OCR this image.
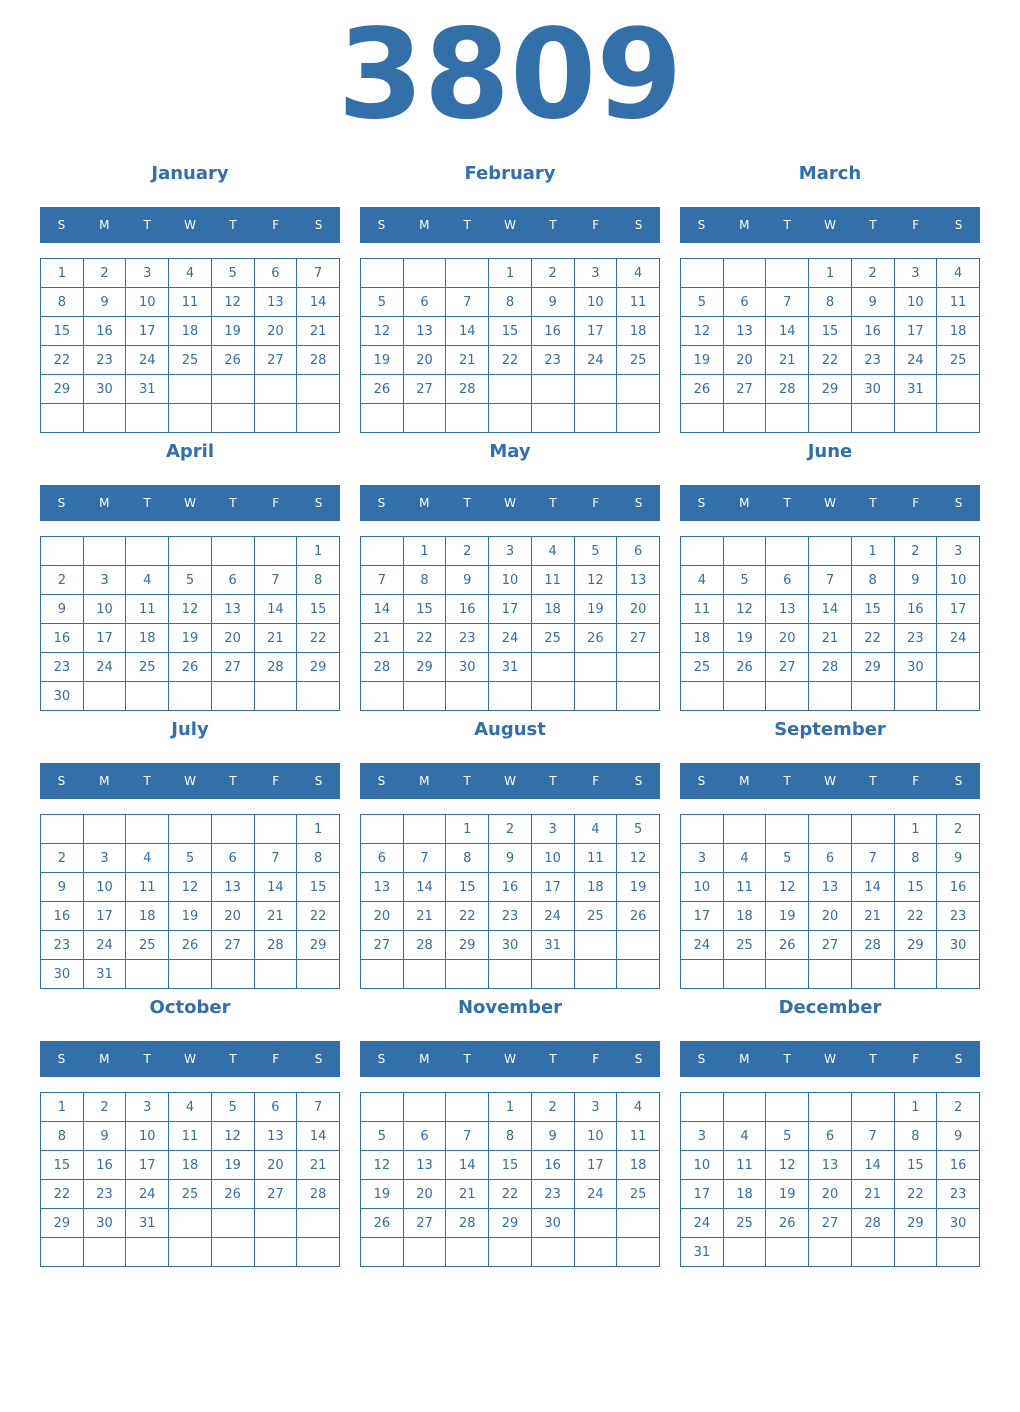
3809
January
S	M	T	W	T	F	S
1	2	3	4	5	6	7
8	9	10	11	12	13	14
15	16	17	18	19	20	21
22	23	24	25	26	27	28
29	30	31				

February
S	M	T	W	T	F	S
			1	2	3	4
5	6	7	8	9	10	11
12	13	14	15	16	17	18
19	20	21	22	23	24	25
26	27	28				

March
S	M	T	W	T	F	S
			1	2	3	4
5	6	7	8	9	10	11
12	13	14	15	16	17	18
19	20	21	22	23	24	25
26	27	28	29	30	31	

April
S	M	T	W	T	F	S
						1
2	3	4	5	6	7	8
9	10	11	12	13	14	15
16	17	18	19	20	21	22
23	24	25	26	27	28	29
30						
May
S	M	T	W	T	F	S
	1	2	3	4	5	6
7	8	9	10	11	12	13
14	15	16	17	18	19	20
21	22	23	24	25	26	27
28	29	30	31			

June
S	M	T	W	T	F	S
				1	2	3
4	5	6	7	8	9	10
11	12	13	14	15	16	17
18	19	20	21	22	23	24
25	26	27	28	29	30	

July
S	M	T	W	T	F	S
						1
2	3	4	5	6	7	8
9	10	11	12	13	14	15
16	17	18	19	20	21	22
23	24	25	26	27	28	29
30	31					
August
S	M	T	W	T	F	S
		1	2	3	4	5
6	7	8	9	10	11	12
13	14	15	16	17	18	19
20	21	22	23	24	25	26
27	28	29	30	31		

September
S	M	T	W	T	F	S
					1	2
3	4	5	6	7	8	9
10	11	12	13	14	15	16
17	18	19	20	21	22	23
24	25	26	27	28	29	30

October
S	M	T	W	T	F	S
1	2	3	4	5	6	7
8	9	10	11	12	13	14
15	16	17	18	19	20	21
22	23	24	25	26	27	28
29	30	31				

November
S	M	T	W	T	F	S
			1	2	3	4
5	6	7	8	9	10	11
12	13	14	15	16	17	18
19	20	21	22	23	24	25
26	27	28	29	30		

December
S	M	T	W	T	F	S
					1	2
3	4	5	6	7	8	9
10	11	12	13	14	15	16
17	18	19	20	21	22	23
24	25	26	27	28	29	30
31						
